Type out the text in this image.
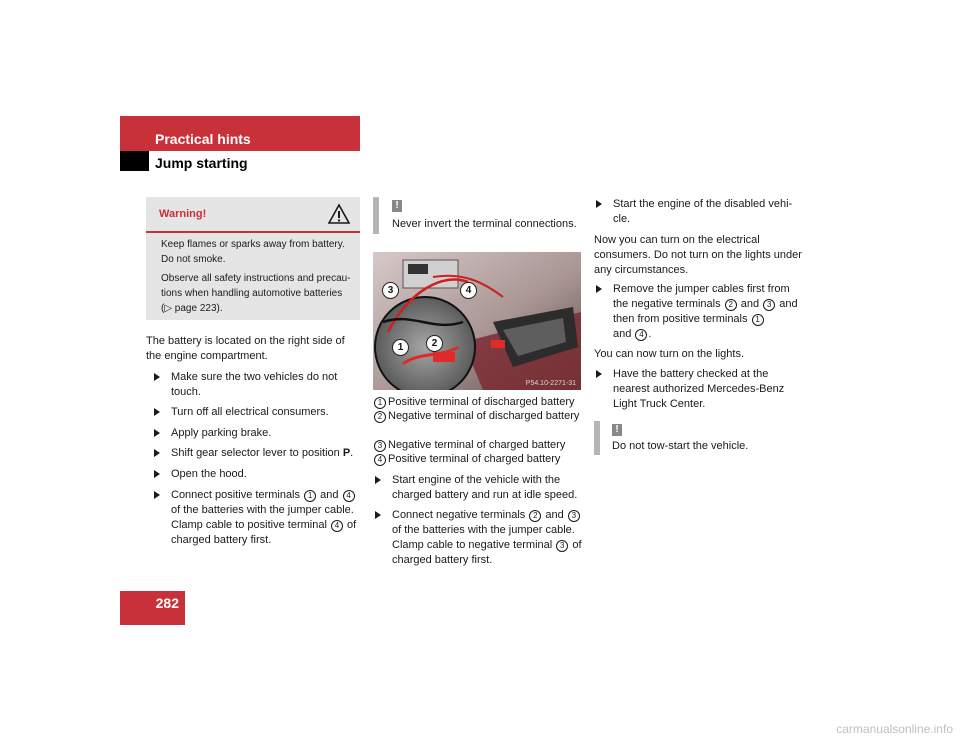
Practical hints
Jump starting
Warning!

Keep flames or sparks away from battery.

Do not smoke.

Observe all safety instructions and precau-

tions when handling automotive batteries

(▷ page 223).

The battery is located on the right side of

the engine compartment.

Make sure the two vehicles do not
touch.
Turn off all electrical consumers.
Apply parking brake.
Shift gear selector lever to position P.
Open the hood.
Connect positive terminals 1 and 4
of the batteries with the jumper cable.
Clamp cable to positive terminal 4 of
charged battery first.
282
!
Never invert the terminal connections.
3	4
1	2
P54.10-2271-31
1 Positive terminal of discharged battery
2 Negative terminal of discharged battery
3 Negative terminal of charged battery
4 Positive terminal of charged battery
Start engine of the vehicle with the
charged battery and run at idle speed.
Connect negative terminals 2 and 3
of the batteries with the jumper cable.
Clamp cable to negative terminal 3 of
charged battery first.
Start the engine of the disabled vehi-
cle.

Now you can turn on the electrical

consumers. Do not turn on the lights under

any circumstances.

Remove the jumper cables first from
the negative terminals 2 and 3 and
then from positive terminals 1
and 4 .

You can now turn on the lights.

Have the battery checked at the
nearest authorized Mercedes-Benz
Light Truck Center.
!
Do not tow-start the vehicle.
carmanualsonline.info
